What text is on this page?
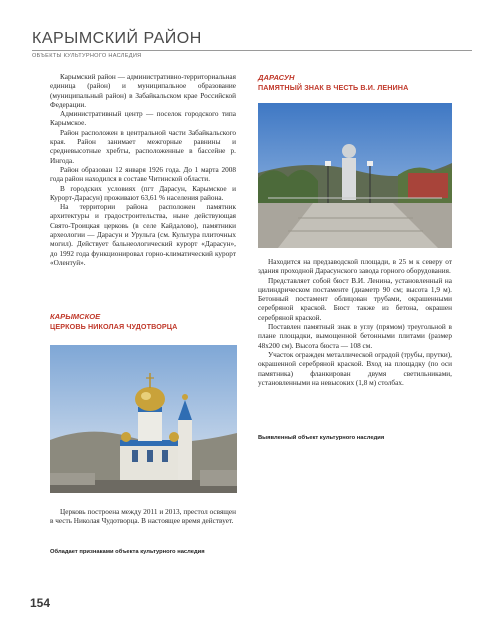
КАРЫМСКИЙ РАЙОН
ОБЪЕКТЫ КУЛЬТУРНОГО НАСЛЕДИЯ

Карымский район — административно-территориальная единица (район) и муниципальное образование (муниципальный район) в Забайкальском крае Российской Федерации.

Административный центр — поселок городского типа Карымское.

Район расположен в центральной части Забайкальского края. Район занимает межгорные равнины и средневысотные хребты, расположенные в бассейне р. Ингода.

Район образован 12 января 1926 года. До 1 марта 2008 года район находился в составе Читинской области.

В городских условиях (пгт Дарасун, Карымское и Курорт-Дарасун) проживают 63,61 % населения района.

На территории района расположен памятник архитектуры и градостроительства, ныне действующая Свято-Троицкая церковь (в селе Кайдалово), памятники археологии — Дарасун и Урульга (см. Культура плиточных могил). Действует бальнеологический курорт «Дарасун», до 1992 года функционировал горно-климатический курорт «Олентуй».

КАРЫМСКОЕ
ЦЕРКОВЬ НИКОЛАЯ ЧУДОТВОРЦА

Церковь построена между 2011 и 2013, престол освящен в честь Николая Чудотворца. В настоящее время действует.

Обладает признаками объекта культурного наследия
ДАРАСУН
ПАМЯТНЫЙ ЗНАК В ЧЕСТЬ В.И. ЛЕНИНА

Находится на предзаводской площади, в 25 м к северу от здания проходной Дарасунского завода горного оборудования.

Представляет собой бюст В.И. Ленина, установленный на цилиндрическом постаменте (диаметр 90 см; высота 1,9 м). Бетонный постамент облицован трубами, окрашенными серебряной краской. Бюст также из бетона, окрашен серебряной краской.

Поставлен памятный знак в углу (прямом) треугольной в плане площадки, вымощенной бетонными плитами (размер 48х200 см). Высота бюста — 108 см.

Участок огражден металлической оградой (трубы, прутки), окрашенной серебряной краской. Вход на площадку (по оси памятника) фланкирован двумя светильниками, установленными на невысоких (1,8 м) столбах.

Выявленный объект культурного наследия
154
